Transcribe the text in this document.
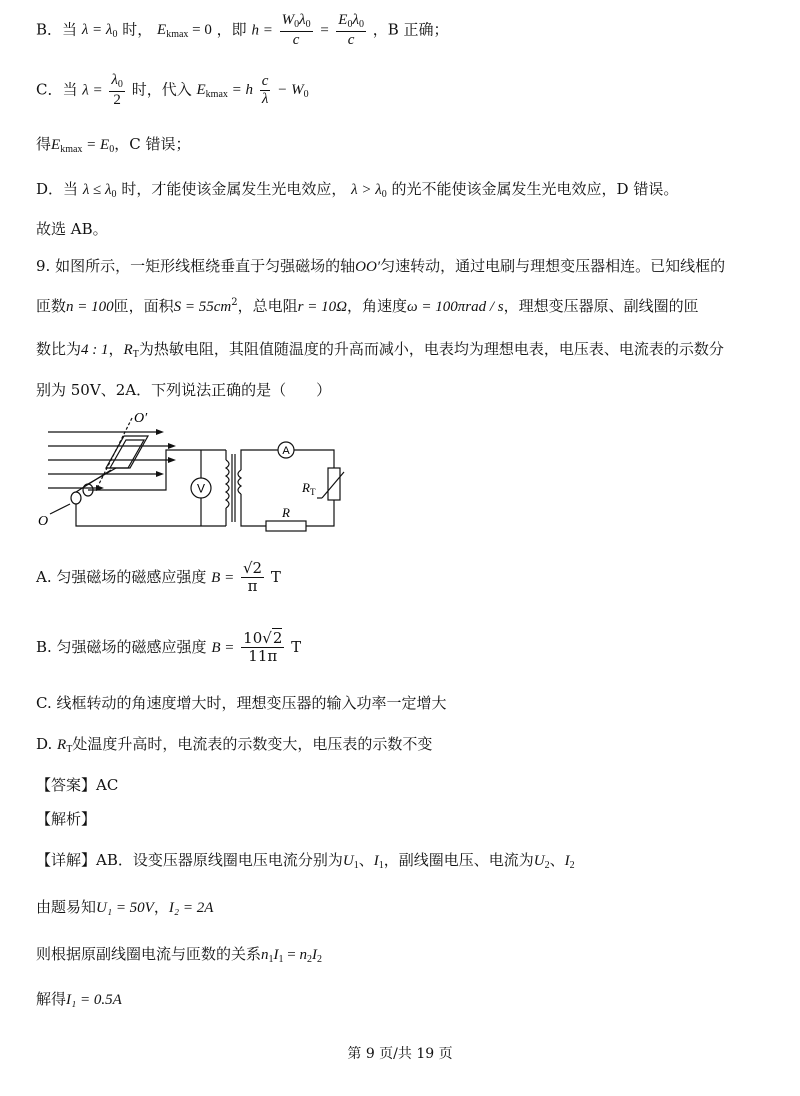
B．当 $\lambda = \lambda_0$ 时， $E_{kmax} = 0$ ，即 $h = \frac{W_0\lambda_0}{c} = \frac{E_0\lambda_0}{c}$ ，B 正确；
C．当 $\lambda = \frac{\lambda_0}{2}$ 时，代入 $E_{kmax} = h \frac{c}{\lambda} - W_0$
得$E_{kmax} = E_0$，C 错误；
D．当 $\lambda \le \lambda_0$ 时，才能使该金属发生光电效应， $\lambda > \lambda_0$ 的光不能使该金属发生光电效应，D 错误。
故选 AB。
9. 如图所示，一矩形线框绕垂直于匀强磁场的轴OO′匀速转动，通过电刷与理想变压器相连。已知线框的
匝数n = 100匝，面积$S = 55cm^2$，总电阻r = 10Ω，角速度ω = 100πrad / s，理想变压器原、副线圈的匝
数比为4 : 1，$R_T$为热敏电阻，其阻值随温度的升高而减小，电表均为理想电表，电压表、电流表的示数分
别为 50V、2A．下列说法正确的是（　　）
V
A
O′
O
$R_T$
R
A. 匀强磁场的磁感应强度 $B = \frac{√2}{\pi}$ T
B. 匀强磁场的磁感应强度 $B = \frac{10√2}{11\pi}$ T
C. 线框转动的角速度增大时，理想变压器的输入功率一定增大
D. $R_T$处温度升高时，电流表的示数变大，电压表的示数不变
【答案】AC
【解析】
【详解】AB．设变压器原线圈电压电流分别为$U_1$、$I_1$，副线圈电压、电流为$U_2$、$I_2$
由题易知U₁ = 50V，I₂ = 2A
则根据原副线圈电流与匝数的关系$n_1I_1 = n_2I_2$
解得I₁ = 0.5A
第 9 页/共 19 页
